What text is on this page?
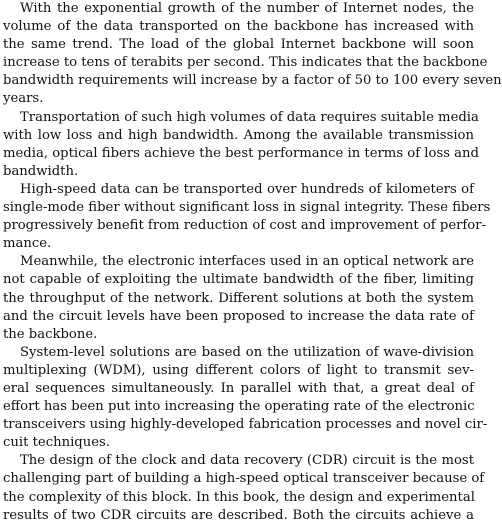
With the exponential growth of the number of Internet nodes, the
volume of the data transported on the backbone has increased with
the same trend. The load of the global Internet backbone will soon
increase to tens of terabits per second. This indicates that the backbone
bandwidth requirements will increase by a factor of 50 to 100 every seven
years.
Transportation of such high volumes of data requires suitable media
with low loss and high bandwidth. Among the available transmission
media, optical fibers achieve the best performance in terms of loss and
bandwidth.
High-speed data can be transported over hundreds of kilometers of
single-mode fiber without significant loss in signal integrity. These fibers
progressively benefit from reduction of cost and improvement of perfor-
mance.
Meanwhile, the electronic interfaces used in an optical network are
not capable of exploiting the ultimate bandwidth of the fiber, limiting
the throughput of the network. Different solutions at both the system
and the circuit levels have been proposed to increase the data rate of
the backbone.
System-level solutions are based on the utilization of wave-division
multiplexing (WDM), using different colors of light to transmit sev-
eral sequences simultaneously. In parallel with that, a great deal of
effort has been put into increasing the operating rate of the electronic
transceivers using highly-developed fabrication processes and novel cir-
cuit techniques.
The design of the clock and data recovery (CDR) circuit is the most
challenging part of building a high-speed optical transceiver because of
the complexity of this block. In this book, the design and experimental
results of two CDR circuits are described. Both the circuits achieve a
